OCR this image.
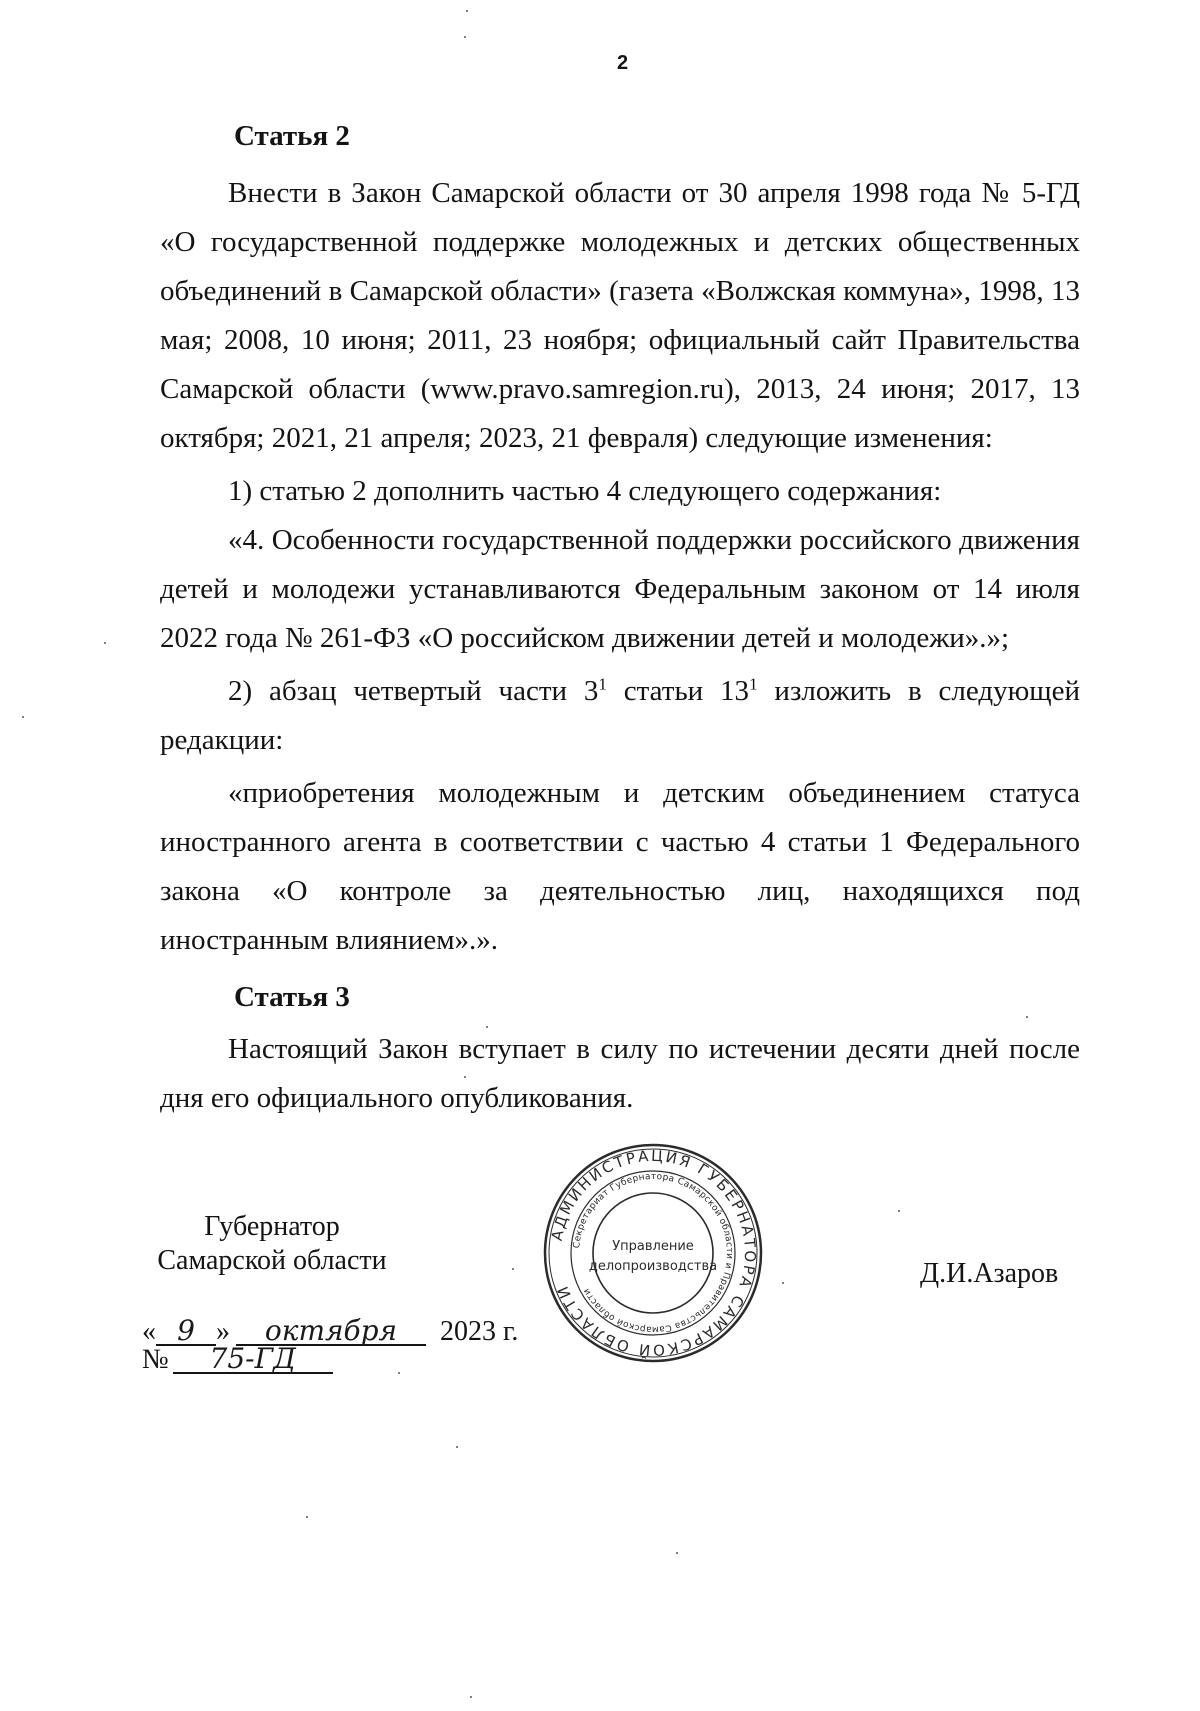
2
Статья 2

Внести в Закон Самарской области от 30 апреля 1998 года № 5-ГД «О государственной поддержке молодежных и детских общественных объединений в Самарской области» (газета «Волжская коммуна», 1998, 13 мая; 2008, 10 июня; 2011, 23 ноября; официальный сайт Правительства Самарской области (www.pravo.samregion.ru), 2013, 24 июня; 2017, 13 октября; 2021, 21 апреля; 2023, 21 февраля) следующие изменения:

1) статью 2 дополнить частью 4 следующего содержания:

«4. Особенности государственной поддержки российского движения детей и молодежи устанавливаются Федеральным законом от 14 июля 2022 года № 261-ФЗ «О российском движении детей и молодежи».»;

2) абзац четвертый части $3^1$ статьи $13^1$ изложить в следующей редакции:

«приобретения молодежным и детским объединением статуса иностранного агента в соответствии с частью 4 статьи 1 Федерального закона «О контроле за деятельностью лиц, находящихся под иностранным влиянием».».

Статья 3

Настоящий Закон вступает в силу по истечении десяти дней после дня его официального опубликования.

Губернатор
Самарской области
АДМИНИСТРАЦИЯ ГУБЕРНАТОРА САМАРСКОЙ ОБЛАСТИ
Секретариат Губернатора Самарской области и Правительства Самарской области
Управление
делопроизводства	Д.И.Азаров
« 9 » октября 2023 г.
№ 75-ГД
